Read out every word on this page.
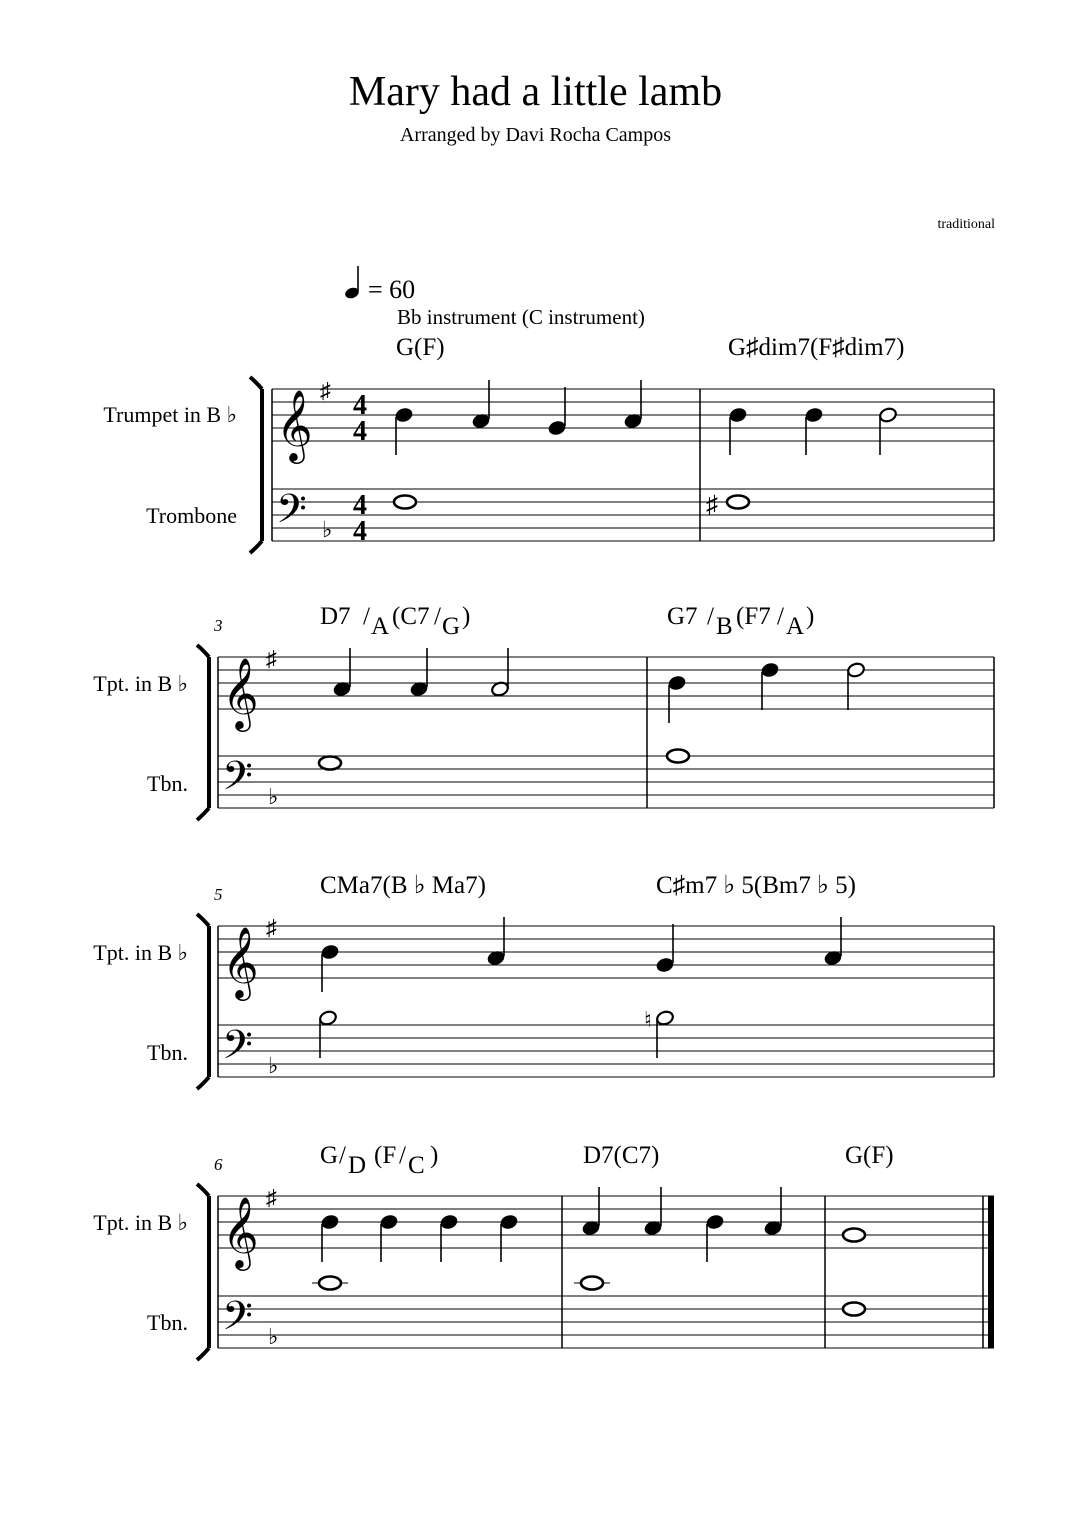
Mary had a little lamb
Arranged by Davi Rocha Campos
traditional
= 60
Bb instrument (C instrument)
Trumpet in B ♭
Trombone
𝄞
♯
𝄢 ♭
4
4
4
4
G(F)	G♯dim7(F♯dim7)
♯
3
Tpt. in B ♭
Tbn.
𝄞
♯
𝄢 ♭
D7 / A (C7 / G )	G7 / B (F7 / A )
5
Tpt. in B ♭
Tbn.
𝄞
♯
𝄢 ♭
CMa7(B ♭ Ma7)	C♯m7 ♭ 5(Bm7 ♭ 5)
♮
6
Tpt. in B ♭
Tbn.
𝄞
♯
𝄢 ♭
G / D (F / C )	D7(C7)	G(F)
